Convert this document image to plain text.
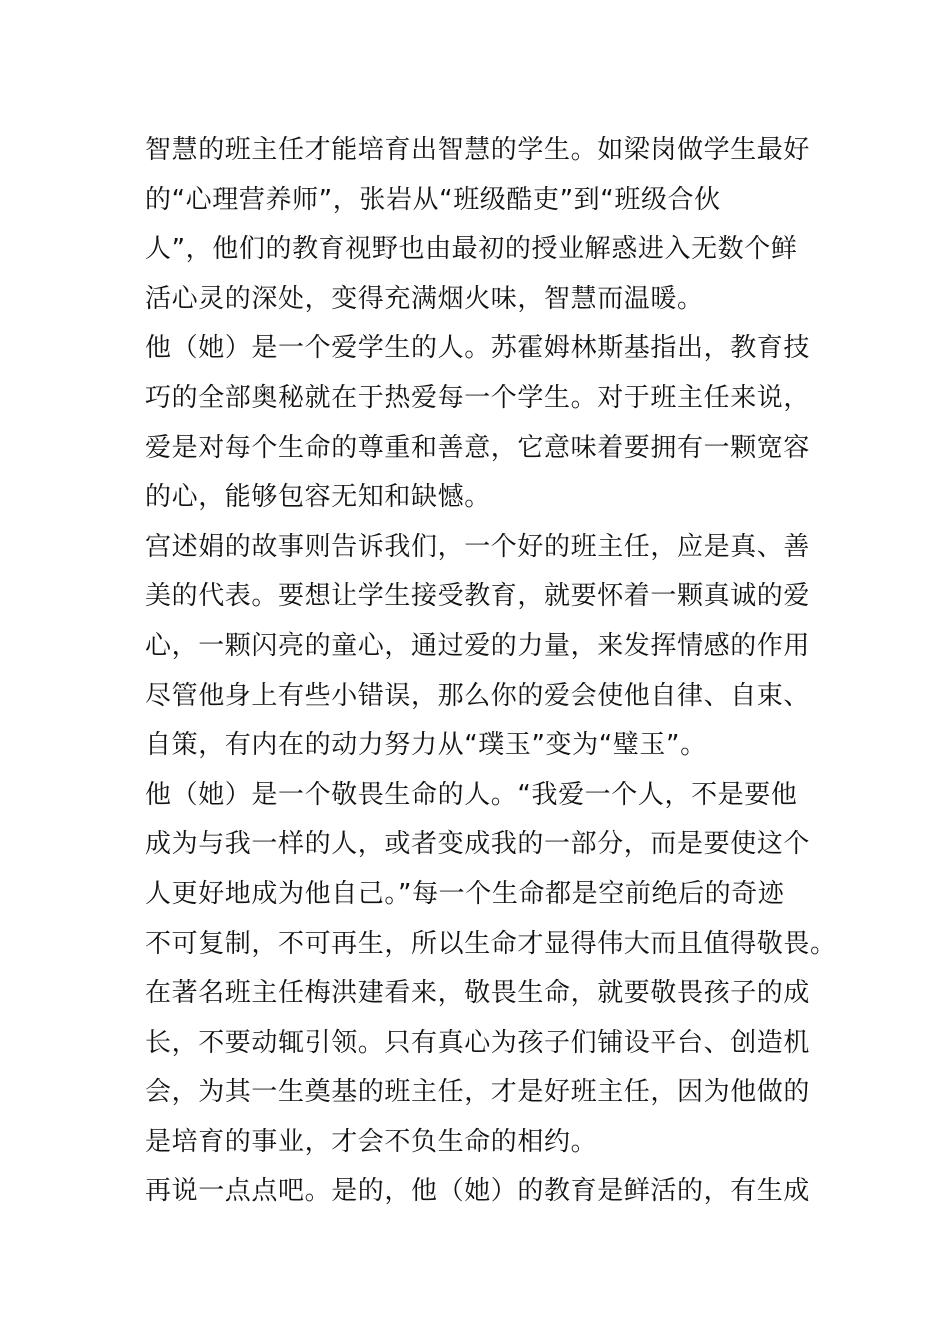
智慧的班主任才能培育出智慧的学生。如梁岗做学生最好
的“心理营养师”，张岩从“班级酷吏”到“班级合伙
人”，他们的教育视野也由最初的授业解惑进入无数个鲜
活心灵的深处，变得充满烟火味，智慧而温暖。
他（她）是一个爱学生的人。苏霍姆林斯基指出，教育技
巧的全部奥秘就在于热爱每一个学生。对于班主任来说，
爱是对每个生命的尊重和善意，它意味着要拥有一颗宽容
的心，能够包容无知和缺憾。
宫述娟的故事则告诉我们，一个好的班主任，应是真、善
美的代表。要想让学生接受教育，就要怀着一颗真诚的爱
心，一颗闪亮的童心，通过爱的力量，来发挥情感的作用
尽管他身上有些小错误，那么你的爱会使他自律、自束、
自策，有内在的动力努力从“璞玉”变为“璧玉”。
他（她）是一个敬畏生命的人。“我爱一个人，不是要他
成为与我一样的人，或者变成我的一部分，而是要使这个
人更好地成为他自己。”每一个生命都是空前绝后的奇迹
不可复制，不可再生，所以生命才显得伟大而且值得敬畏。
在著名班主任梅洪建看来，敬畏生命，就要敬畏孩子的成
长，不要动辄引领。只有真心为孩子们铺设平台、创造机
会，为其一生奠基的班主任，才是好班主任，因为他做的
是培育的事业，才会不负生命的相约。
再说一点点吧。是的，他（她）的教育是鲜活的，有生成
